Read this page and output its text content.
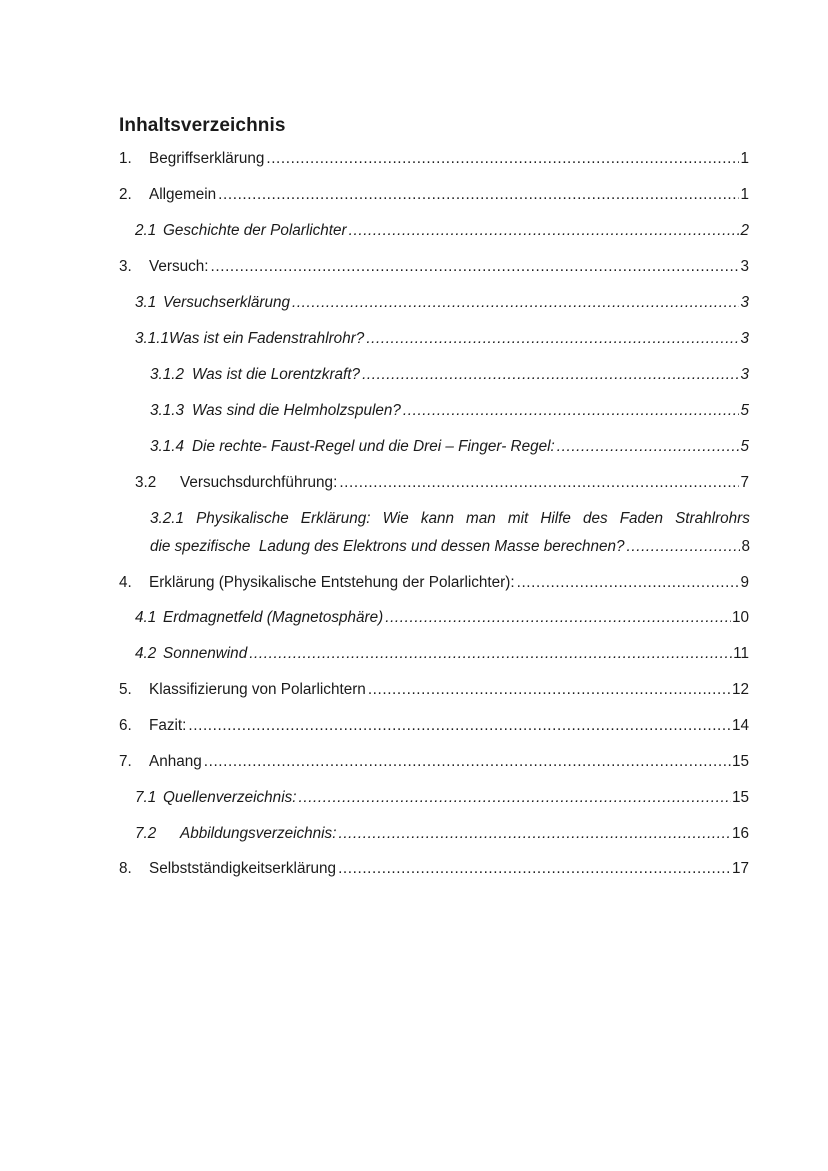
Inhaltsverzeichnis
1.	Begriffserklärung .....	1
2.	Allgemein .....	1
2.1 Geschichte der Polarlichter .....	2
3.	Versuch: .....	3
3.1 Versuchserklärung .....	3
3.1.1 Was ist ein Fadenstrahlrohr? .....	3
3.1.2 Was ist die Lorentzkraft? .....	3
3.1.3 Was sind die Helmholzspulen? .....	5
3.1.4 Die rechte- Faust-Regel und die Drei – Finger- Regel: .....	5
3.2	Versuchsdurchführung: .....	7
3.2.1 Physikalische Erklärung: Wie kann man mit Hilfe des Faden Strahlrohrs
die spezifische  Ladung des Elektrons und dessen Masse berechnen? .....	8
4.	Erklärung (Physikalische Entstehung der Polarlichter): .....	9
4.1 Erdmagnetfeld (Magnetosphäre) .....	10
4.2 Sonnenwind .....	11
5.	Klassifizierung von Polarlichtern .....	12
6.	Fazit: .....	14
7.	Anhang .....	15
7.1 Quellenverzeichnis: .....	15
7.2	Abbildungsverzeichnis: .....	16
8.	Selbstständigkeitserklärung .....	17
